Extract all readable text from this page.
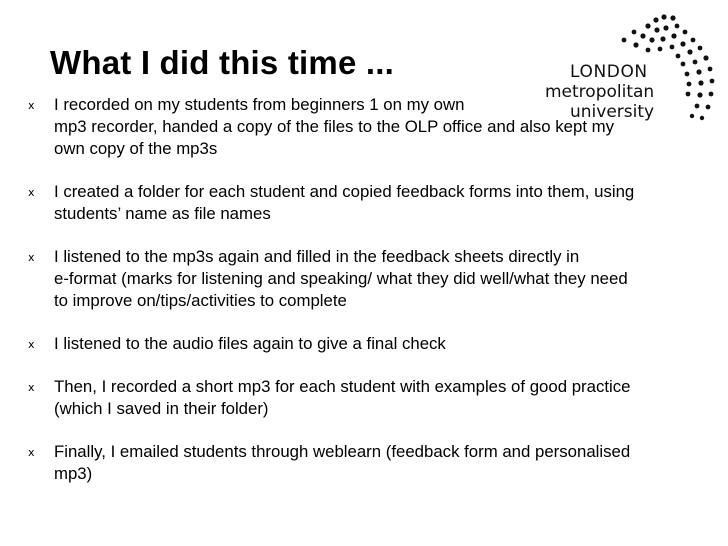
What I did this time ...	LONDON
metropolitan
university
x I recorded on my students from beginners 1 on my own
mp3 recorder, handed a copy of the files to the OLP office and also kept my
own copy of the mp3s
x I created a folder for each student and copied feedback forms into them, using
students’ name as file names
x I listened to the mp3s again and filled in the feedback sheets directly in
e-format (marks for listening and speaking/ what they did well/what they need
to improve on/tips/activities to complete
x I listened to the audio files again to give a final check
x Then, I recorded a short mp3 for each student with examples of good practice
(which I saved in their folder)
x Finally, I emailed students through weblearn (feedback form and personalised
mp3)
